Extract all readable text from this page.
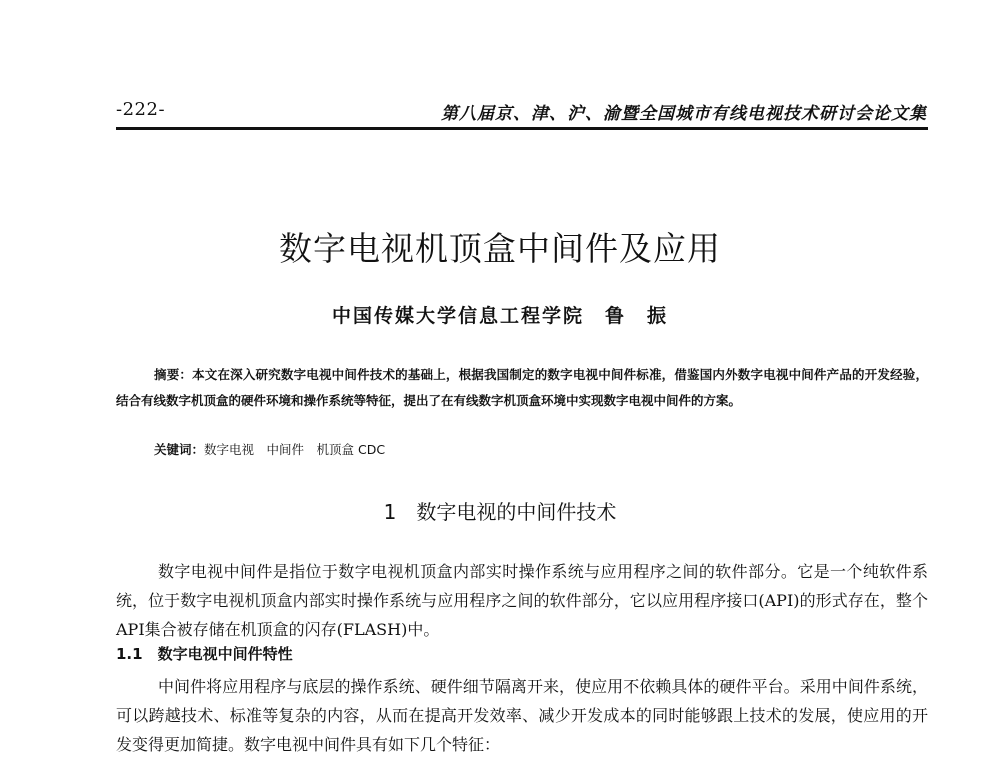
-222-	第八届京、津、沪、渝暨全国城市有线电视技术研讨会论文集
数字电视机顶盒中间件及应用
中国传媒大学信息工程学院　鲁　振
摘要：本文在深入研究数字电视中间件技术的基础上，根据我国制定的数字电视中间件标准，借鉴国内外数字电视中间件产品的开发经验，结合有线数字机顶盒的硬件环境和操作系统等特征，提出了在有线数字机顶盒环境中实现数字电视中间件的方案。
关键词：数字电视　中间件　机顶盒 CDC
1　数字电视的中间件技术
数字电视中间件是指位于数字电视机顶盒内部实时操作系统与应用程序之间的软件部分。它是一个纯软件系统，位于数字电视机顶盒内部实时操作系统与应用程序之间的软件部分，它以应用程序接口(API)的形式存在，整个API集合被存储在机顶盒的闪存(FLASH)中。
1.1　数字电视中间件特性
中间件将应用程序与底层的操作系统、硬件细节隔离开来，使应用不依赖具体的硬件平台。采用中间件系统，可以跨越技术、标准等复杂的内容，从而在提高开发效率、减少开发成本的同时能够跟上技术的发展，使应用的开发变得更加简捷。数字电视中间件具有如下几个特征：
